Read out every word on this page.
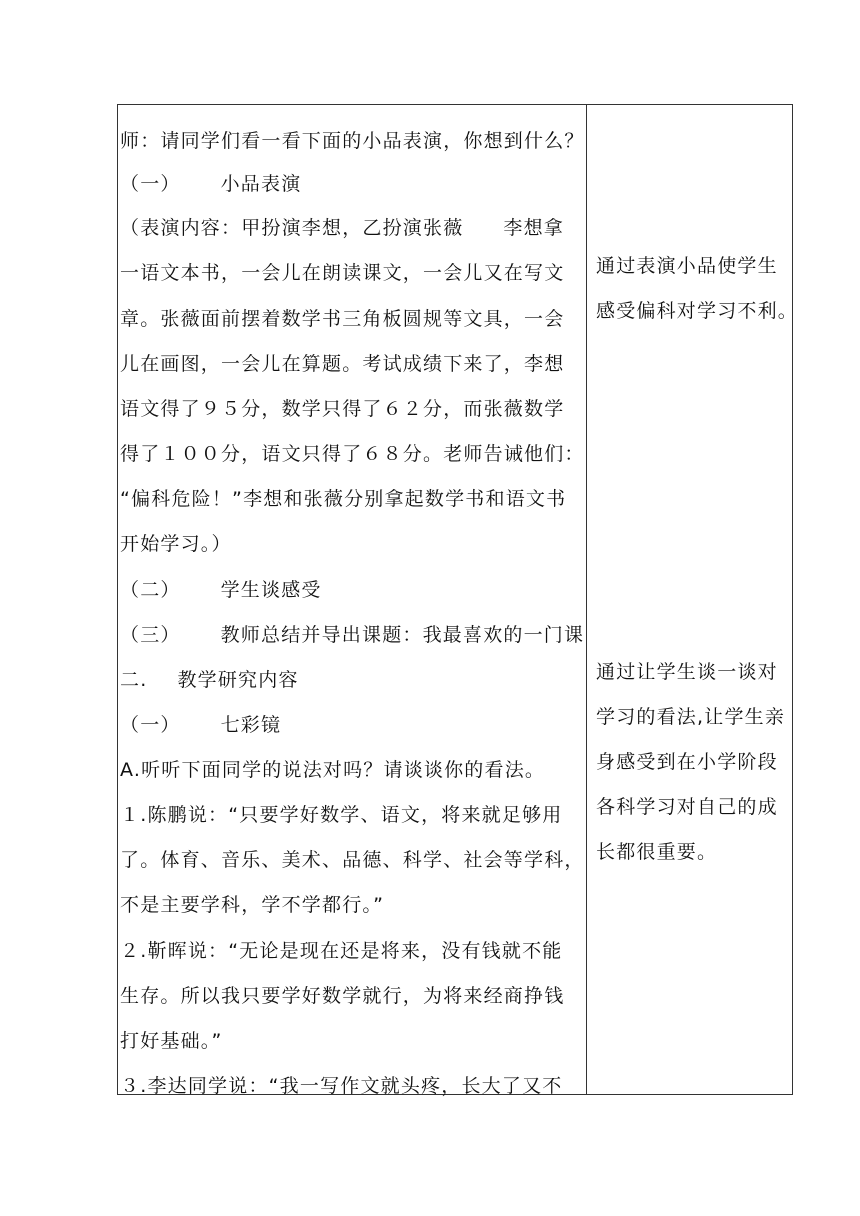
师：请同学们看一看下面的小品表演，你想到什么？
（一） 小品表演
（表演内容：甲扮演李想，乙扮演张薇 李想拿
一语文本书，一会儿在朗读课文，一会儿又在写文
章。张薇面前摆着数学书三角板圆规等文具，一会
儿在画图，一会儿在算题。考试成绩下来了，李想
语文得了９５分，数学只得了６２分，而张薇数学
得了１００分，语文只得了６８分。老师告诫他们：
“偏科危险！”李想和张薇分别拿起数学书和语文书
开始学习。）
（二） 学生谈感受
（三） 教师总结并导出课题：我最喜欢的一门课
二. 教学研究内容
（一） 七彩镜
A.听听下面同学的说法对吗？请谈谈你的看法。
１.陈鹏说：“只要学好数学、语文，将来就足够用
了。体育、音乐、美术、品德、科学、社会等学科，
不是主要学科，学不学都行。”
２.靳晖说：“无论是现在还是将来，没有钱就不能
生存。所以我只要学好数学就行，为将来经商挣钱
打好基础。”
３.李达同学说：“我一写作文就头疼，长大了又不
通过表演小品使学生
感受偏科对学习不利。
通过让学生谈一谈对
学习的看法,让学生亲
身感受到在小学阶段
各科学习对自己的成
长都很重要。
